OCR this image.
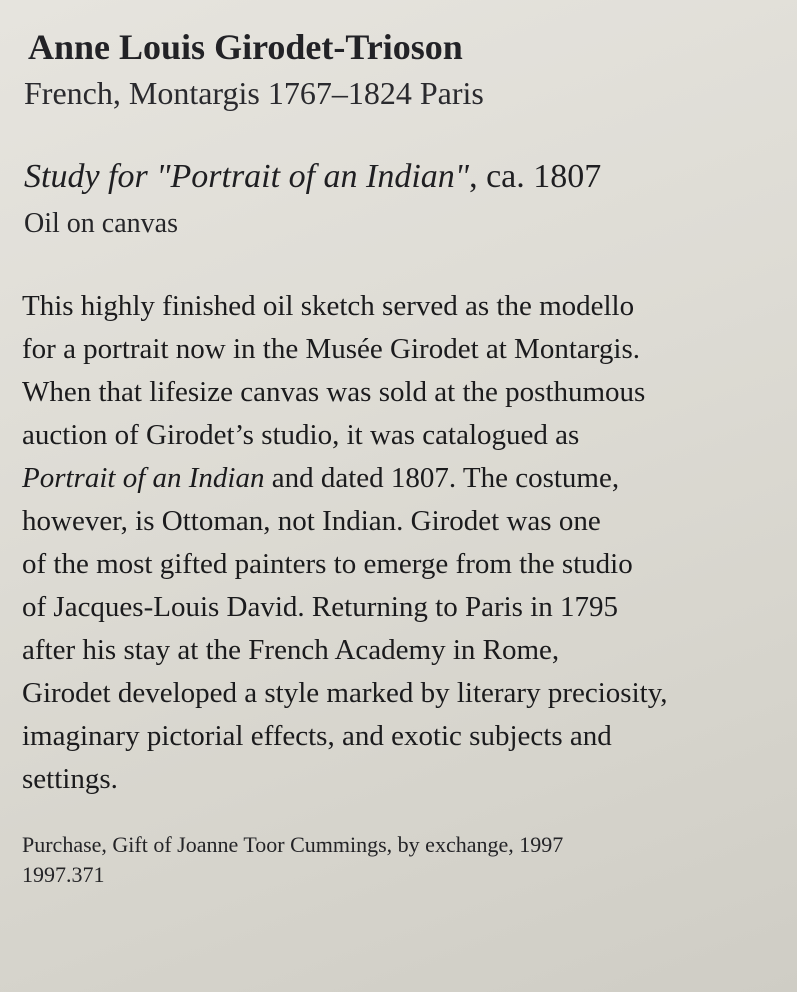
Anne Louis Girodet-Trioson
French, Montargis 1767–1824 Paris
Study for "Portrait of an Indian", ca. 1807
Oil on canvas
This highly finished oil sketch served as the modello
for a portrait now in the Musée Girodet at Montargis.
When that lifesize canvas was sold at the posthumous
auction of Girodet’s studio, it was catalogued as
Portrait of an Indian and dated 1807. The costume,
however, is Ottoman, not Indian. Girodet was one
of the most gifted painters to emerge from the studio
of Jacques-Louis David. Returning to Paris in 1795
after his stay at the French Academy in Rome,
Girodet developed a style marked by literary preciosity,
imaginary pictorial effects, and exotic subjects and
settings.
Purchase, Gift of Joanne Toor Cummings, by exchange, 1997
1997.371
